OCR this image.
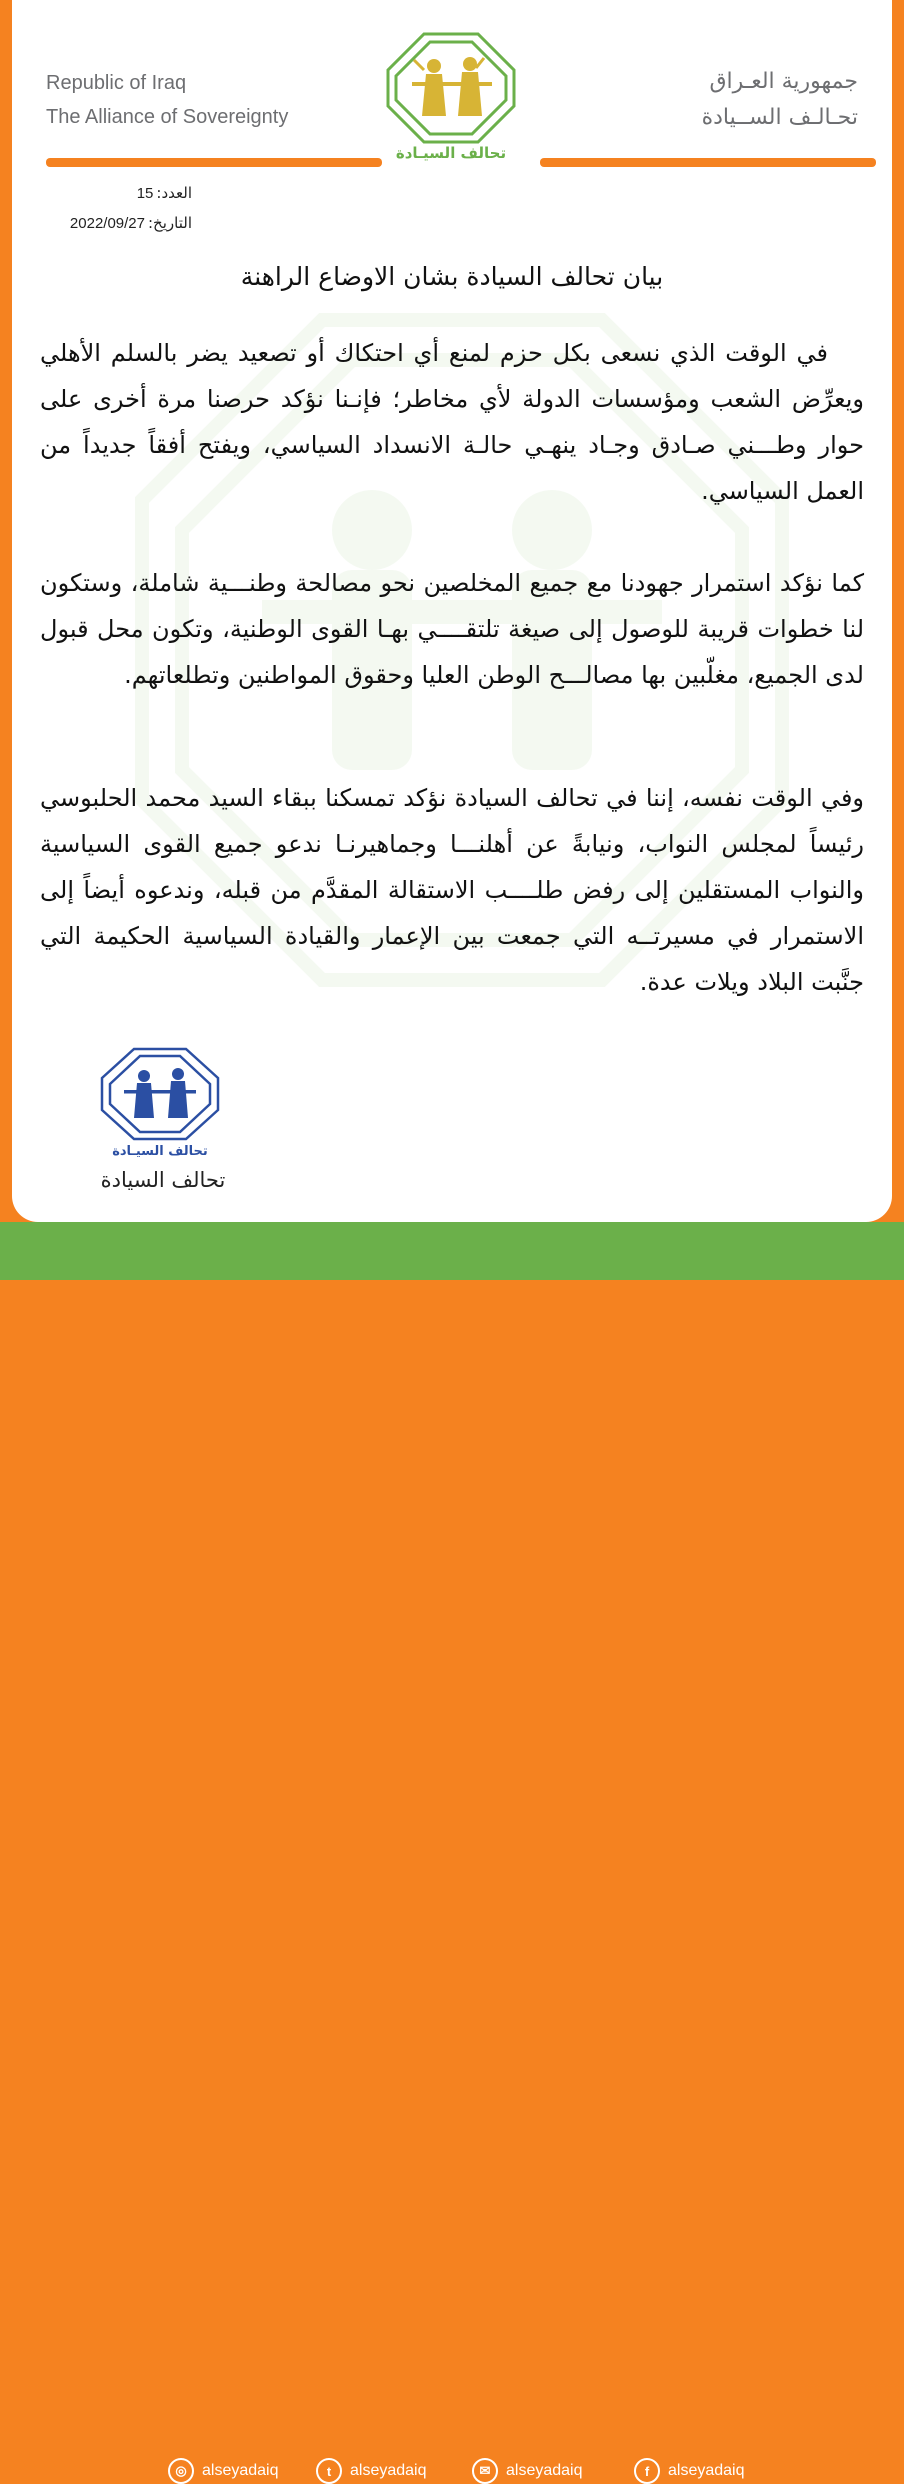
Republic of Iraq
The Alliance of Sovereignty
تحالف السيـادة
جمهورية العـراق
تحـالـف الســيادة
العدد:
15
التاريخ:
2022/09/27
بيان تحالف السيادة بشان الاوضاع الراهنة
في الوقت الذي نسعى بكل حزم لمنع أي احتكاك أو تصعيد يضر بالسلم الأهلي ويعرِّض الشعب ومؤسسات الدولة لأي مخاطر؛ فإنـنا نؤكد حرصنا مرة أخرى على حوار وطـــني صـادق وجـاد ينهـي حالـة الانسداد السياسي، ويفتح أفقاً جديداً من العمل السياسي.
كما نؤكد استمرار جهودنا مع جميع المخلصين نحو مصالحة وطنـــية شاملة، وستكون لنا خطوات قريبة للوصول إلى صيغة تلتقــــي بهـا القوى الوطنية، وتكون محل قبول لدى الجميع، مغلّبين بها مصالـــح الوطن العليا وحقوق المواطنين وتطلعاتهم.
وفي الوقت نفسه، إننا في تحالف السيادة نؤكد تمسكنا ببقاء السيد محمد الحلبوسي رئيساً لمجلس النواب، ونيابةً عن أهلنـــا وجماهيرنـا ندعو جميع القوى السياسية والنواب المستقلين إلى رفض طلــــب الاستقالة المقدَّم من قبله، وندعوه أيضاً إلى الاستمرار في مسيرتــه التي جمعت بين الإعمار والقيادة السياسية الحكيمة التي جنَّبت البلاد ويلات عدة.
تحالف السيـادة
تحالف السيادة
◎ alseyadaiq	t	alseyadaiq	✉ alseyadaiq	f	alseyadaiq
